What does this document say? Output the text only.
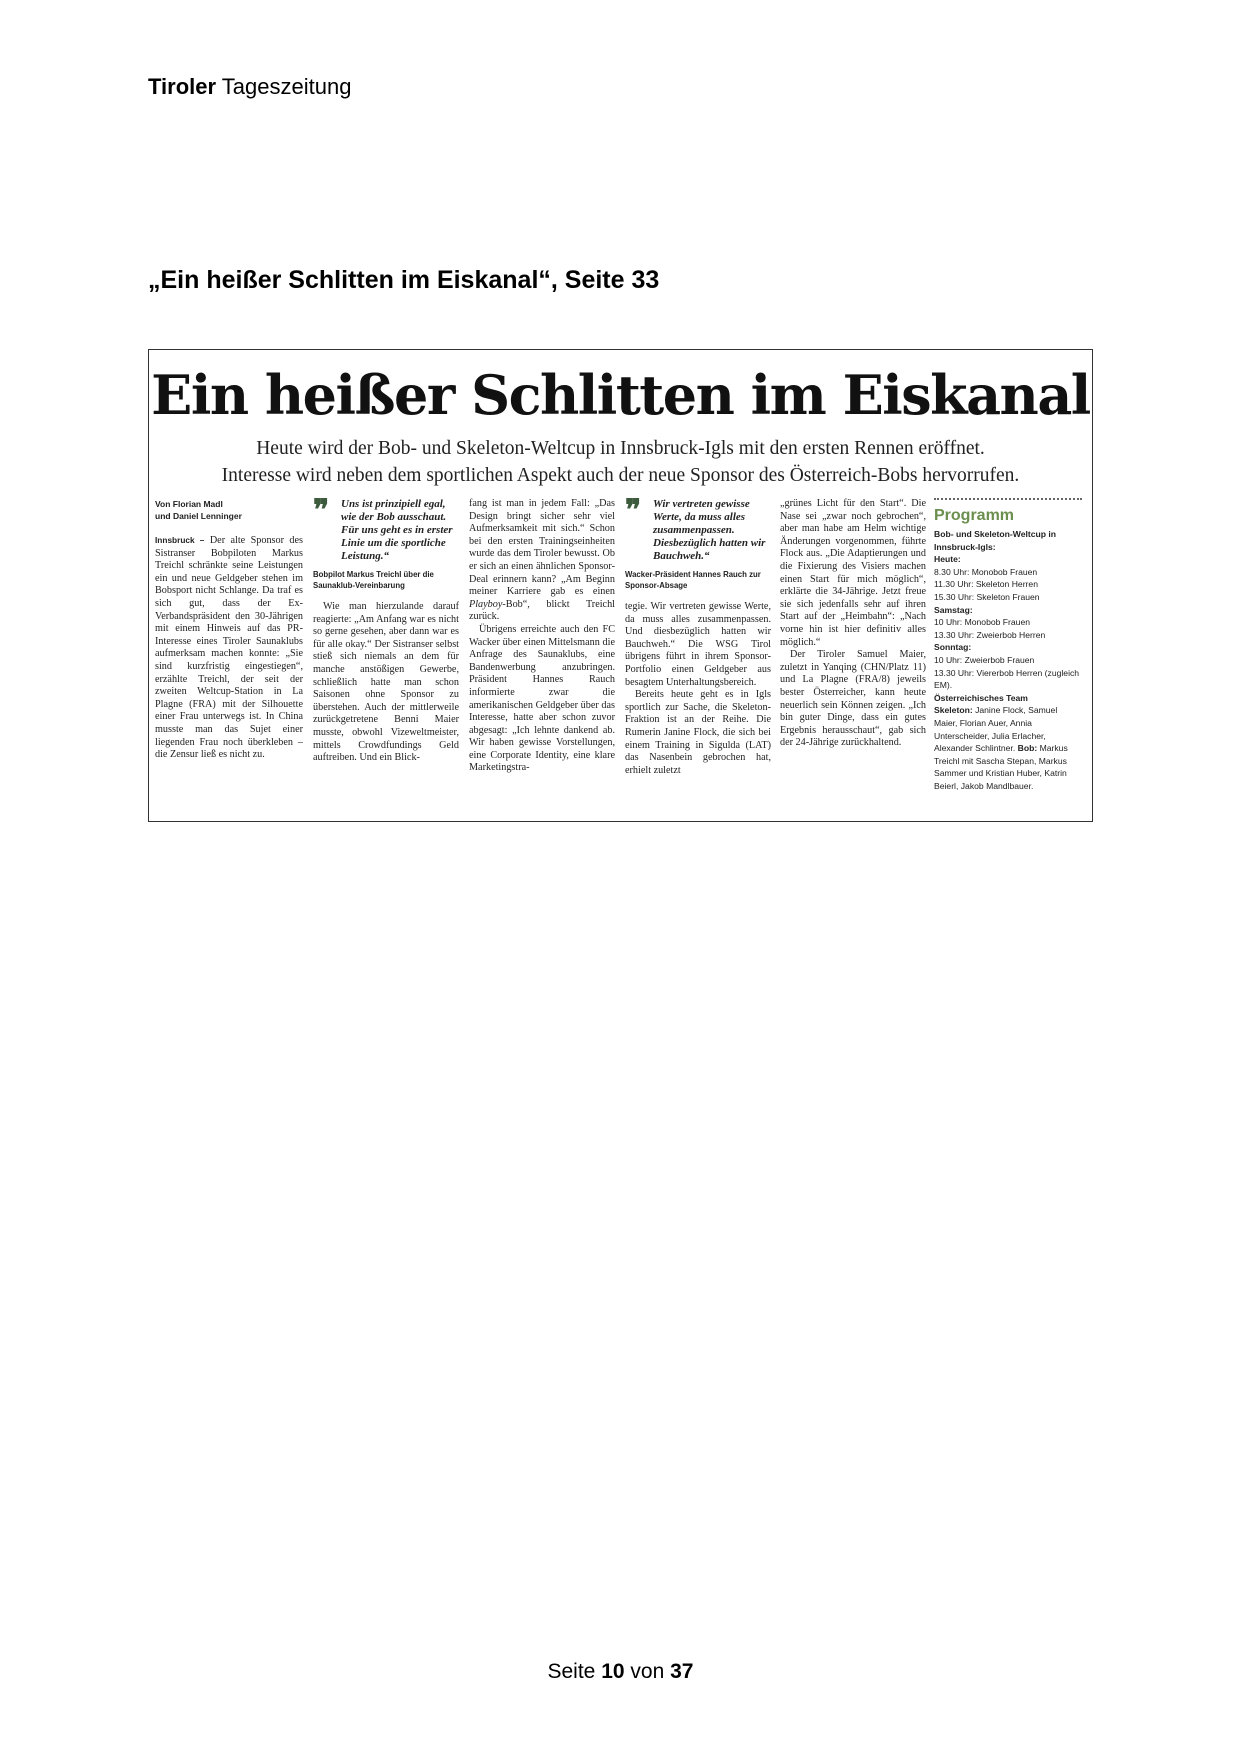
Tiroler Tageszeitung
„Ein heißer Schlitten im Eiskanal“, Seite 33
Ein heißer Schlitten im Eiskanal
Heute wird der Bob- und Skeleton-Weltcup in Innsbruck-Igls mit den ersten Rennen eröffnet.
Interesse wird neben dem sportlichen Aspekt auch der neue Sponsor des Österreich-Bobs hervorrufen.
Von Florian Madl
und Daniel Lenninger

Innsbruck – Der alte Sponsor des Sistranser Bobpiloten Markus Treichl schränkte seine Leistungen ein und neue Geldgeber stehen im Bobsport nicht Schlange. Da traf es sich gut, dass der Ex-Verbandspräsident den 30-Jährigen mit einem Hinweis auf das PR-Interesse eines Tiroler Saunaklubs aufmerksam machen konnte: „Sie sind kurzfristig eingestiegen“, erzählte Treichl, der seit der zweiten Weltcup-Station in La Plagne (FRA) mit der Silhouette einer Frau unterwegs ist. In China musste man das Sujet einer liegenden Frau noch überkleben – die Zensur ließ es nicht zu.

❞ Uns ist prinzipiell egal, wie der Bob ausschaut. Für uns geht es in erster Linie um die sportliche Leistung.“
Bobpilot Markus Treichl über die Saunaklub-Vereinbarung

Wie man hierzulande darauf reagierte: „Am Anfang war es nicht so gerne gesehen, aber dann war es für alle okay.“ Der Sistranser selbst stieß sich niemals an dem für manche anstößigen Gewerbe, schließlich hatte man schon Saisonen ohne Sponsor zu überstehen. Auch der mittlerweile zurückgetretene Benni Maier musste, obwohl Vizeweltmeister, mittels Crowdfundings Geld auftreiben. Und ein Blick-

fang ist man in jedem Fall: „Das Design bringt sicher sehr viel Aufmerksamkeit mit sich.“ Schon bei den ersten Trainingseinheiten wurde das dem Tiroler bewusst. Ob er sich an einen ähnlichen Sponsor-Deal erinnern kann? „Am Beginn meiner Karriere gab es einen Playboy-Bob“, blickt Treichl zurück.

Übrigens erreichte auch den FC Wacker über einen Mittelsmann die Anfrage des Saunaklubs, eine Bandenwerbung anzubringen. Präsident Hannes Rauch informierte zwar die amerikanischen Geldgeber über das Interesse, hatte aber schon zuvor abgesagt: „Ich lehnte dankend ab. Wir haben gewisse Vorstellungen, eine Corporate Identity, eine klare Marketingstra-

❞ Wir vertreten gewisse Werte, da muss alles zusammenpassen. Diesbezüglich hatten wir Bauchweh.“
Wacker-Präsident Hannes Rauch zur Sponsor-Absage

tegie. Wir vertreten gewisse Werte, da muss alles zusammenpassen. Und diesbezüglich hatten wir Bauchweh.“ Die WSG Tirol übrigens führt in ihrem Sponsor-Portfolio einen Geldgeber aus besagtem Unterhaltungsbereich.

Bereits heute geht es in Igls sportlich zur Sache, die Skeleton-Fraktion ist an der Reihe. Die Rumerin Janine Flock, die sich bei einem Training in Sigulda (LAT) das Nasenbein gebrochen hat, erhielt zuletzt

„grünes Licht für den Start“. Die Nase sei „zwar noch gebrochen“, aber man habe am Helm wichtige Änderungen vorgenommen, führte Flock aus. „Die Adaptierungen und die Fixierung des Visiers machen einen Start für mich möglich“, erklärte die 34-Jährige. Jetzt freue sie sich jedenfalls sehr auf ihren Start auf der „Heimbahn“: „Nach vorne hin ist hier definitiv alles möglich.“

Der Tiroler Samuel Maier, zuletzt in Yanqing (CHN/Platz 11) und La Plagne (FRA/8) jeweils bester Österreicher, kann heute neuerlich sein Können zeigen. „Ich bin guter Dinge, dass ein gutes Ergebnis herausschaut“, gab sich der 24-Jährige zurückhaltend.

Programm
Bob- und Skeleton-Weltcup in Innsbruck-Igls:
Heute:
8.30 Uhr: Monobob Frauen
11.30 Uhr: Skeleton Herren
15.30 Uhr: Skeleton Frauen
Samstag:
10 Uhr: Monobob Frauen
13.30 Uhr: Zweierbob Herren
Sonntag:
10 Uhr: Zweierbob Frauen
13.30 Uhr: Viererbob Herren (zugleich EM).
Österreichisches Team
Skeleton: Janine Flock, Samuel Maier, Florian Auer, Annia Unterscheider, Julia Erlacher, Alexander Schlintner. Bob: Markus Treichl mit Sascha Stepan, Markus Sammer und Kristian Huber, Katrin Beierl, Jakob Mandlbauer.
Seite 10 von 37
